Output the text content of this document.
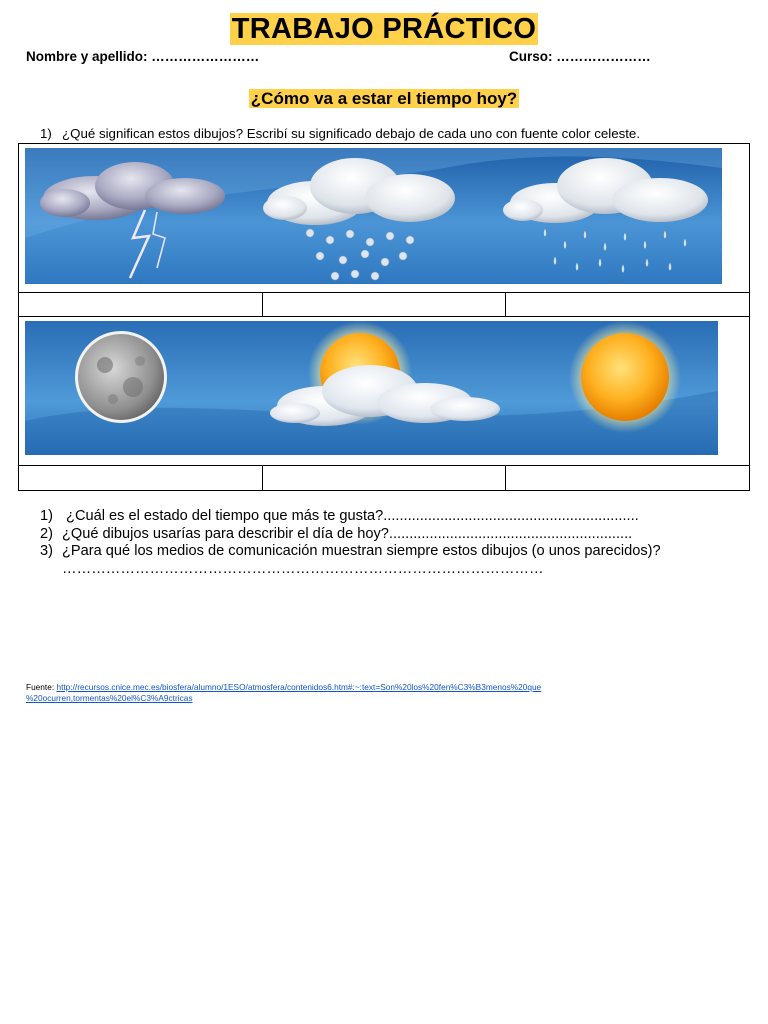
TRABAJO PRÁCTICO
Nombre y apellido: ……………………	Curso: …………………
¿Cómo va a estar el tiempo hoy?
1) ¿Qué significan estos dibujos? Escribí su significado debajo de cada uno con fuente color celeste.
1) ¿Cuál es el estado del tiempo que más te gusta?...............................................................
2) ¿Qué dibujos usarías para describir el día de hoy?............................................................
3) ¿Para qué los medios de comunicación muestran siempre estos dibujos (o unos parecidos)?
………………………………………………………………………………………
Fuente: http://recursos.cnice.mec.es/biosfera/alumno/1ESO/atmosfera/contenidos6.htm#:~:text=Son%20los%20fen%C3%B3menos%20que
%20ocurren,tormentas%20el%C3%A9ctricas
